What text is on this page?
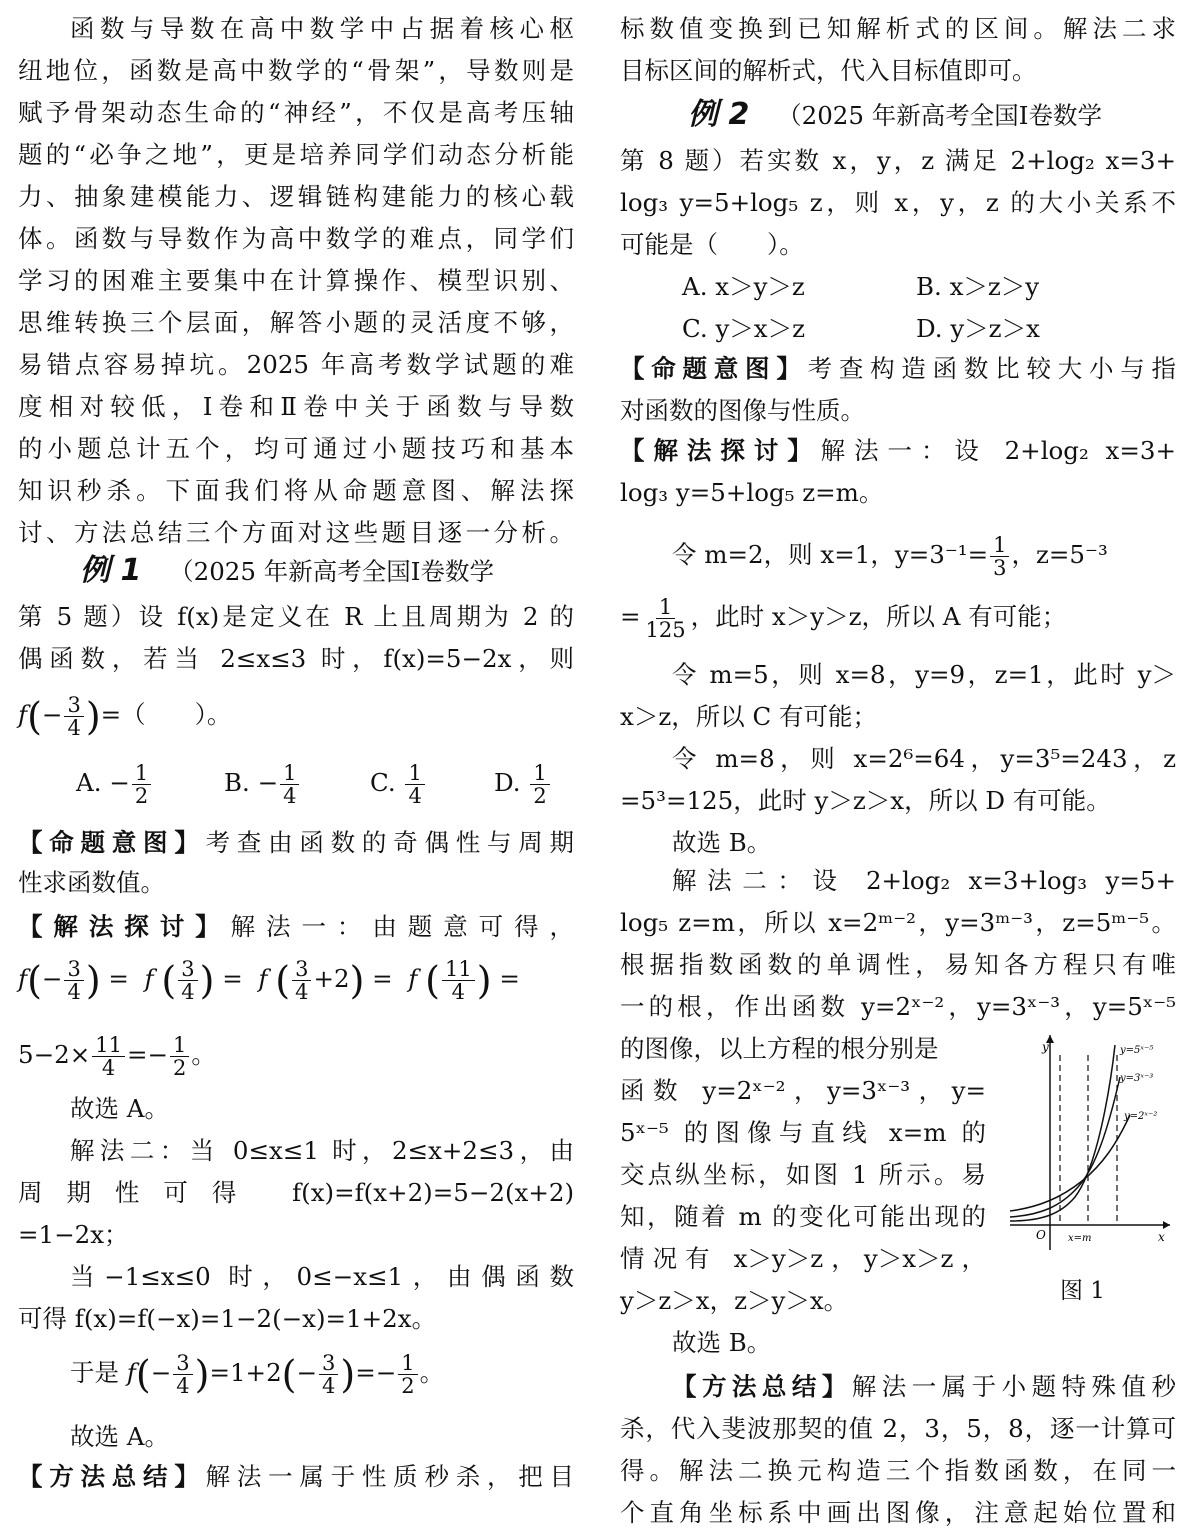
函数与导数在高中数学中占据着核心枢
纽地位，函数是高中数学的“骨架”，导数则是
赋予骨架动态生命的“神经”，不仅是高考压轴
题的“必争之地”，更是培养同学们动态分析能
力、抽象建模能力、逻辑链构建能力的核心载
体。函数与导数作为高中数学的难点，同学们
学习的困难主要集中在计算操作、模型识别、
思维转换三个层面，解答小题的灵活度不够，
易错点容易掉坑。2025 年高考数学试题的难
度相对较低，Ⅰ卷和Ⅱ卷中关于函数与导数
的小题总计五个，均可通过小题技巧和基本
知识秒杀。下面我们将从命题意图、解法探
讨、方法总结三个方面对这些题目逐一分析。
例 1 （2025 年新高考全国Ⅰ卷数学
第 5 题）设 f(x)是定义在 R 上且周期为 2 的
偶函数，若当 2≤x≤3 时，f(x)=5−2x，则
$f(- \frac{3}{4}$ )=（　　）。
A. − $\frac{1}{2}$	B. − $\frac{1}{4}$	C. $\frac{1}{4}$	D. $\frac{1}{2}$
【命题意图】考查由函数的奇偶性与周期
性求函数值。
【解法探讨】解法一：由题意可得，
$f(- \frac{3}{4}$ ) =  f ( $\frac{3}{4}$ ) =  f ( $\frac{3}{4} +2) = f$ ( $\frac{11}{4}$ ) =
$5-2\times \frac{11}{4} =- \frac{1}{2}$ 。
故选 A。
解法二：当 0≤x≤1 时，2≤x+2≤3，由
周期性可得 f(x)=f(x+2)=5−2(x+2)
=1−2x；
当−1≤x≤0 时，0≤−x≤1，由偶函数
可得 f(x)=f(−x)=1−2(−x)=1+2x。
于是 $f(- \frac{3}{4} )=1+2(- \frac{3}{4}$ )=− $\frac{1}{2}$ 。
故选 A。
【方法总结】解法一属于性质秒杀，把目
标数值变换到已知解析式的区间。解法二求
目标区间的解析式，代入目标值即可。
例 2 （2025 年新高考全国Ⅰ卷数学
第 8 题）若实数 x，y，z 满足 2+log₂ x=3+
log₃ y=5+log₅ z，则 x，y，z 的大小关系不
可能是（　　）。
A. x＞y＞z	B. x＞z＞y
C. y＞x＞z	D. y＞z＞x
【命题意图】考查构造函数比较大小与指
对函数的图像与性质。
【解法探讨】解法一：设 2+log₂ x=3+
log₃ y=5+log₅ z=m。
令 m=2，则 x=1，$y=3^{-1}= \frac{1}{3}$ ，z=5⁻³
= $\frac{1}{125}$ ，此时 x＞y＞z，所以 A 有可能；
令 m=5，则 x=8，y=9，z=1，此时 y＞
x＞z，所以 C 有可能；
令 m=8，则 x=2⁶=64，y=3⁵=243，z
=5³=125，此时 y＞z＞x，所以 D 有可能。
故选 B。
解法二：设 2+log₂ x=3+log₃ y=5+
log₅ z=m，所以 x=2ᵐ⁻²，y=3ᵐ⁻³，z=5ᵐ⁻⁵。
根据指数函数的单调性，易知各方程只有唯
一的根，作出函数 y=2ˣ⁻²，y=3ˣ⁻³，y=5ˣ⁻⁵
的图像，以上方程的根分别是
函数 y=2ˣ⁻²，y=3ˣ⁻³，y=
5ˣ⁻⁵ 的图像与直线 x=m 的
交点纵坐标，如图 1 所示。易
知，随着 m 的变化可能出现的
情况有 x＞y＞z，y＞x＞z，
y＞z＞x，z＞y＞x。
y
x
O x=m
y=5ˣ⁻⁵
y=3ˣ⁻³
y=2ˣ⁻²
图 1
故选 B。
【方法总结】解法一属于小题特殊值秒
杀，代入斐波那契的值 2，3，5，8，逐一计算可
得。解法二换元构造三个指数函数，在同一
个直角坐标系中画出图像，注意起始位置和
